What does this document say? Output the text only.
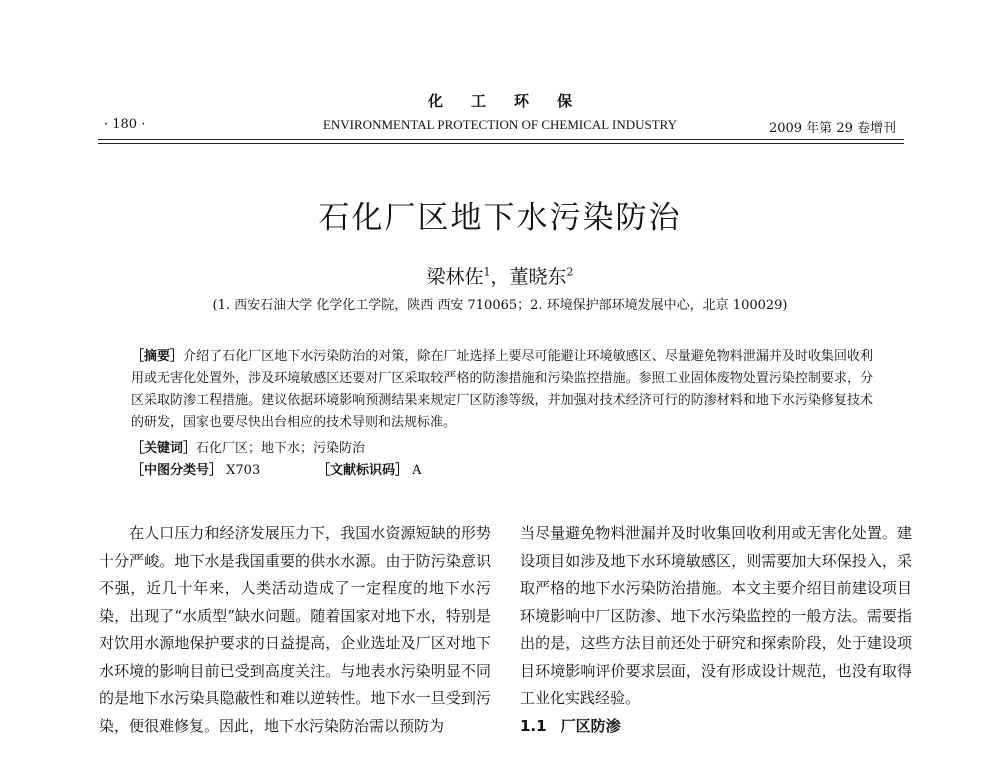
化工环保
· 180 ·	ENVIRONMENTAL PROTECTION OF CHEMICAL INDUSTRY	2009 年第 29 卷增刊
石化厂区地下水污染防治
梁林佐$^1$，董晓东$^2$
(1. 西安石油大学 化学化工学院，陕西 西安 710065；2. 环境保护部环境发展中心，北京 100029)
［摘要］介绍了石化厂区地下水污染防治的对策，除在厂址选择上要尽可能避让环境敏感区、尽量避免物料泄漏并及时收集回收利用或无害化处置外，涉及环境敏感区还要对厂区采取较严格的防渗措施和污染监控措施。参照工业固体废物处置污染控制要求，分区采取防渗工程措施。建议依据环境影响预测结果来规定厂区防渗等级，并加强对技术经济可行的防渗材料和地下水污染修复技术的研发，国家也要尽快出台相应的技术导则和法规标准。
［关键词］石化厂区；地下水；污染防治
［中图分类号］ X703	［文献标识码］ A

在人口压力和经济发展压力下，我国水资源短缺的形势十分严峻。地下水是我国重要的供水水源。由于防污染意识不强，近几十年来，人类活动造成了一定程度的地下水污染，出现了“水质型”缺水问题。随着国家对地下水，特别是对饮用水源地保护要求的日益提高，企业选址及厂区对地下水环境的影响目前已受到高度关注。与地表水污染明显不同的是地下水污染具隐蔽性和难以逆转性。地下水一旦受到污染，便很难修复。因此，地下水污染防治需以预防为

当尽量避免物料泄漏并及时收集回收利用或无害化处置。建设项目如涉及地下水环境敏感区，则需要加大环保投入，采取严格的地下水污染防治措施。本文主要介绍目前建设项目环境影响中厂区防渗、地下水污染监控的一般方法。需要指出的是，这些方法目前还处于研究和探索阶段，处于建设项目环境影响评价要求层面，没有形成设计规范，也没有取得工业化实践经验。

1.1 厂区防渗
